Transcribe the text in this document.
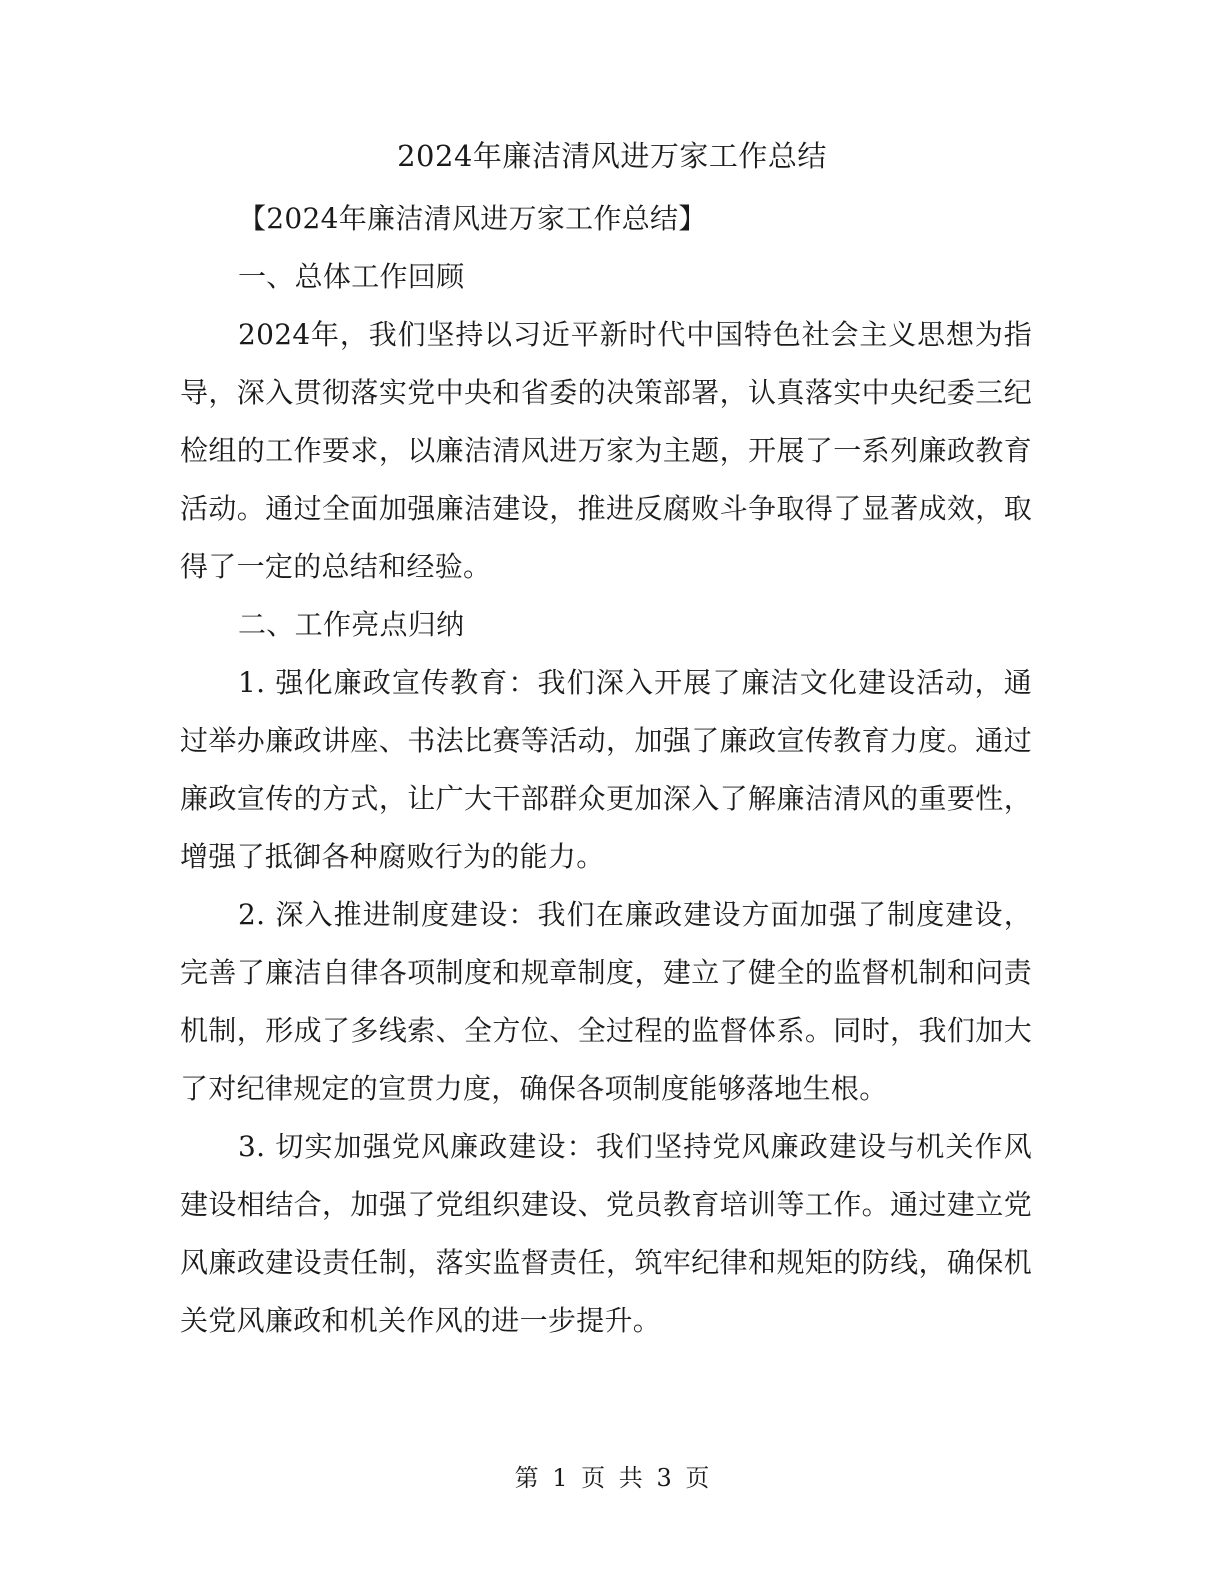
2024年廉洁清风进万家工作总结

【2024年廉洁清风进万家工作总结】

一、总体工作回顾

2024年，我们坚持以习近平新时代中国特色社会主义思想为指导，深入贯彻落实党中央和省委的决策部署，认真落实中央纪委三纪检组的工作要求，以廉洁清风进万家为主题，开展了一系列廉政教育活动。通过全面加强廉洁建设，推进反腐败斗争取得了显著成效，取得了一定的总结和经验。

二、工作亮点归纳

1. 强化廉政宣传教育：我们深入开展了廉洁文化建设活动，通过举办廉政讲座、书法比赛等活动，加强了廉政宣传教育力度。通过廉政宣传的方式，让广大干部群众更加深入了解廉洁清风的重要性，增强了抵御各种腐败行为的能力。

2. 深入推进制度建设：我们在廉政建设方面加强了制度建设，完善了廉洁自律各项制度和规章制度，建立了健全的监督机制和问责机制，形成了多线索、全方位、全过程的监督体系。同时，我们加大了对纪律规定的宣贯力度，确保各项制度能够落地生根。

3. 切实加强党风廉政建设：我们坚持党风廉政建设与机关作风建设相结合，加强了党组织建设、党员教育培训等工作。通过建立党风廉政建设责任制，落实监督责任，筑牢纪律和规矩的防线，确保机关党风廉政和机关作风的进一步提升。

第 1 页 共 3 页
